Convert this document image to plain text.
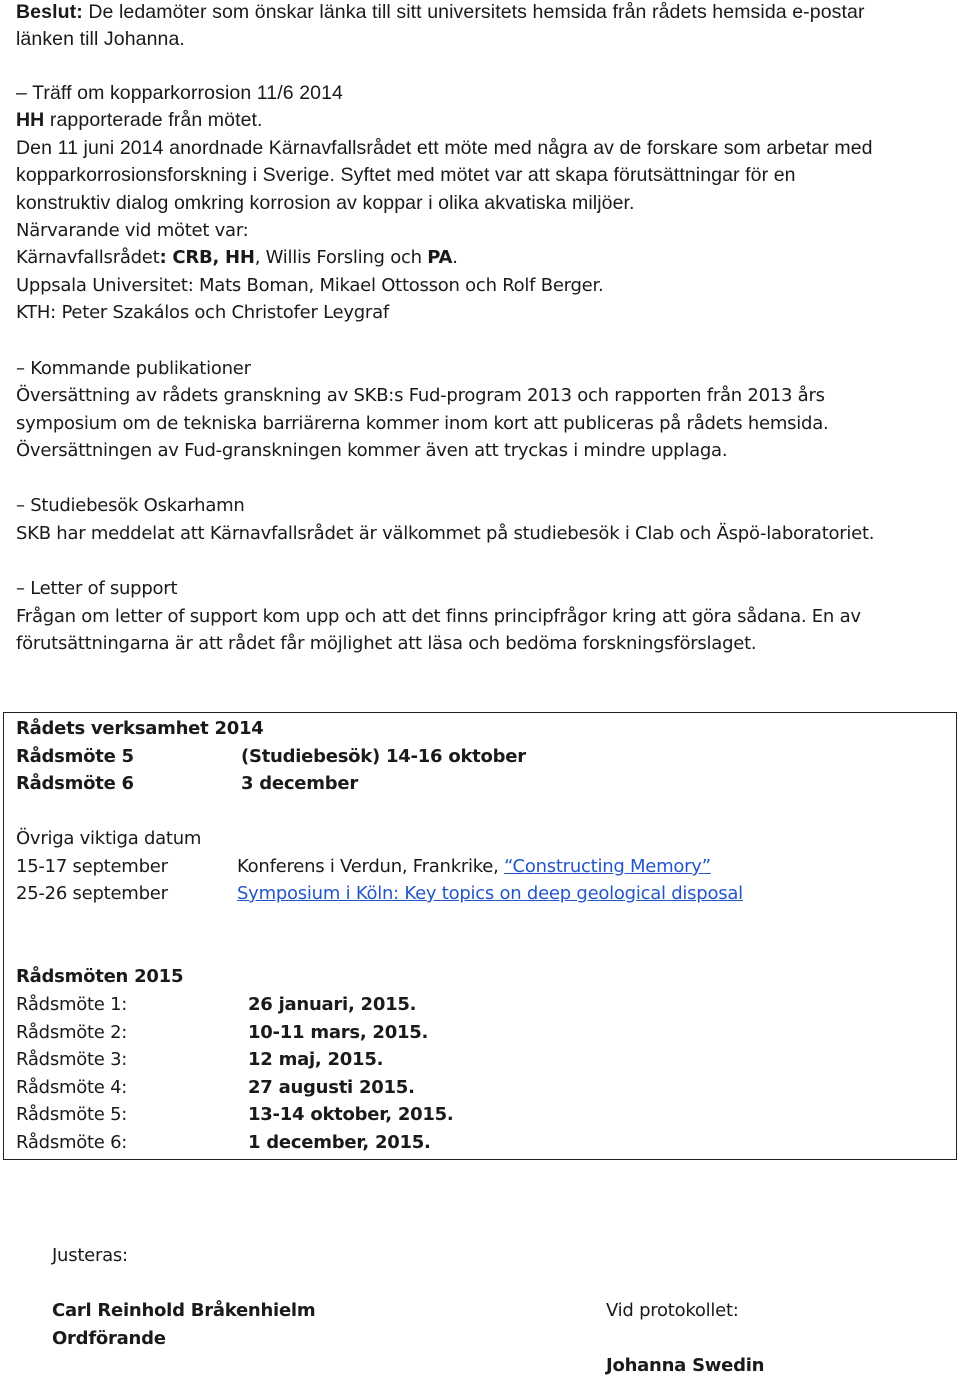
Beslut: De ledamöter som önskar länka till sitt universitets hemsida från rådets hemsida e-postar
länken till Johanna.
– Träff om kopparkorrosion 11/6 2014
HH rapporterade från mötet.
Den 11 juni 2014 anordnade Kärnavfallsrådet ett möte med några av de forskare som arbetar med
kopparkorrosionsforskning i Sverige. Syftet med mötet var att skapa förutsättningar för en
konstruktiv dialog omkring korrosion av koppar i olika akvatiska miljöer.
Närvarande vid mötet var:
Kärnavfallsrådet: CRB, HH, Willis Forsling och PA.
Uppsala Universitet: Mats Boman, Mikael Ottosson och Rolf Berger.
KTH: Peter Szakálos och Christofer Leygraf
– Kommande publikationer
Översättning av rådets granskning av SKB:s Fud-program 2013 och rapporten från 2013 års
symposium om de tekniska barriärerna kommer inom kort att publiceras på rådets hemsida.
Översättningen av Fud-granskningen kommer även att tryckas i mindre upplaga.
– Studiebesök Oskarhamn
SKB har meddelat att Kärnavfallsrådet är välkommet på studiebesök i Clab och Äspö-laboratoriet.
– Letter of support
Frågan om letter of support kom upp och att det finns principfrågor kring att göra sådana. En av
förutsättningarna är att rådet får möjlighet att läsa och bedöma forskningsförslaget.
Rådets verksamhet 2014
Rådsmöte 5	(Studiebesök) 14-16 oktober
Rådsmöte 6	3 december
Övriga viktiga datum
15-17 september	Konferens i Verdun, Frankrike, “Constructing Memory”
25-26 september	Symposium i Köln: Key topics on deep geological disposal
Rådsmöten 2015
Rådsmöte 1:	26 januari, 2015.
Rådsmöte 2:	10-11 mars, 2015.
Rådsmöte 3:	12 maj, 2015.
Rådsmöte 4:	27 augusti 2015.
Rådsmöte 5:	13-14 oktober, 2015.
Rådsmöte 6:	1 december, 2015.
Justeras:
Carl Reinhold Bråkenhielm
Ordförande
Vid protokollet:
Johanna Swedin
